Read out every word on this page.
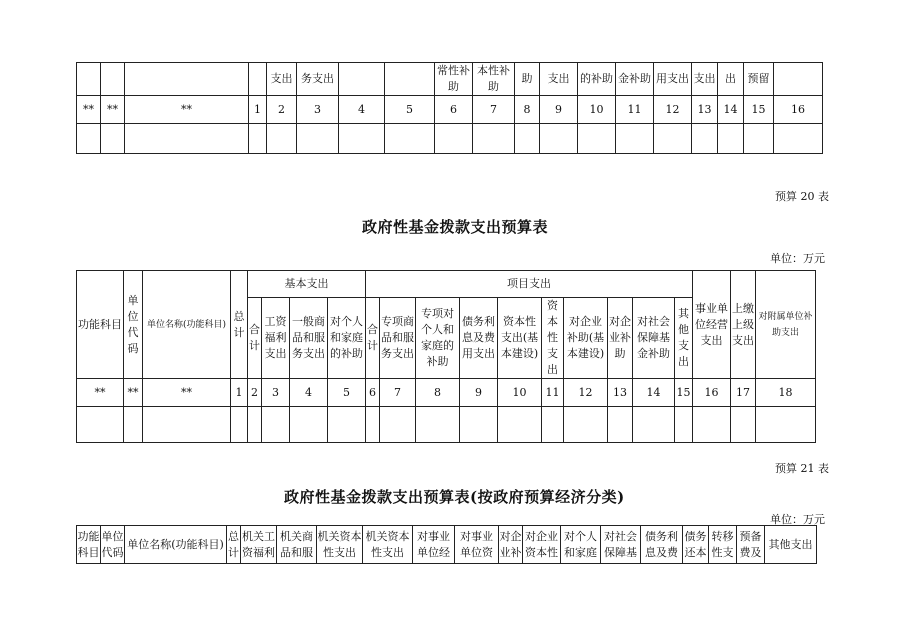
				支出	务支出			常性补助	本性补助	助	支出	的补助	金补助	用支出	支出	出	预留	
**	**	**	1	2	3	4	5	6	7	8	9	10	11	12	13	14	15	16

预算 20 表
政府性基金拨款支出预算表
单位：万元
功能科目	单位代码	单位名称(功能科目)	总计	基本支出				项目支出										事业单位经营支出	上缴上级支出	对附属单位补助支出
				合计	工资福利支出	一般商品和服务支出	对个人和家庭的补助	合计	专项商品和服务支出	专项对个人和家庭的补助	债务利息及费用支出	资本性支出(基本建设)	资本性支出	对企业补助(基本建设)	对企业补助	对社会保障基金补助	其他支出			
**	**	**	1	2	3	4	5	6	7	8	9	10	11	12	13	14	15	16	17	18

预算 21 表
政府性基金拨款支出预算表(按政府预算经济分类)
单位：万元
功能科目	单位代码	单位名称(功能科目)	总计	机关工资福利	机关商品和服	机关资本性支出	机关资本性支出	对事业单位经	对事业单位资	对企业补	对企业资本性	对个人和家庭	对社会保障基	债务利息及费	债务还本	转移性支	预备费及	其他支出
